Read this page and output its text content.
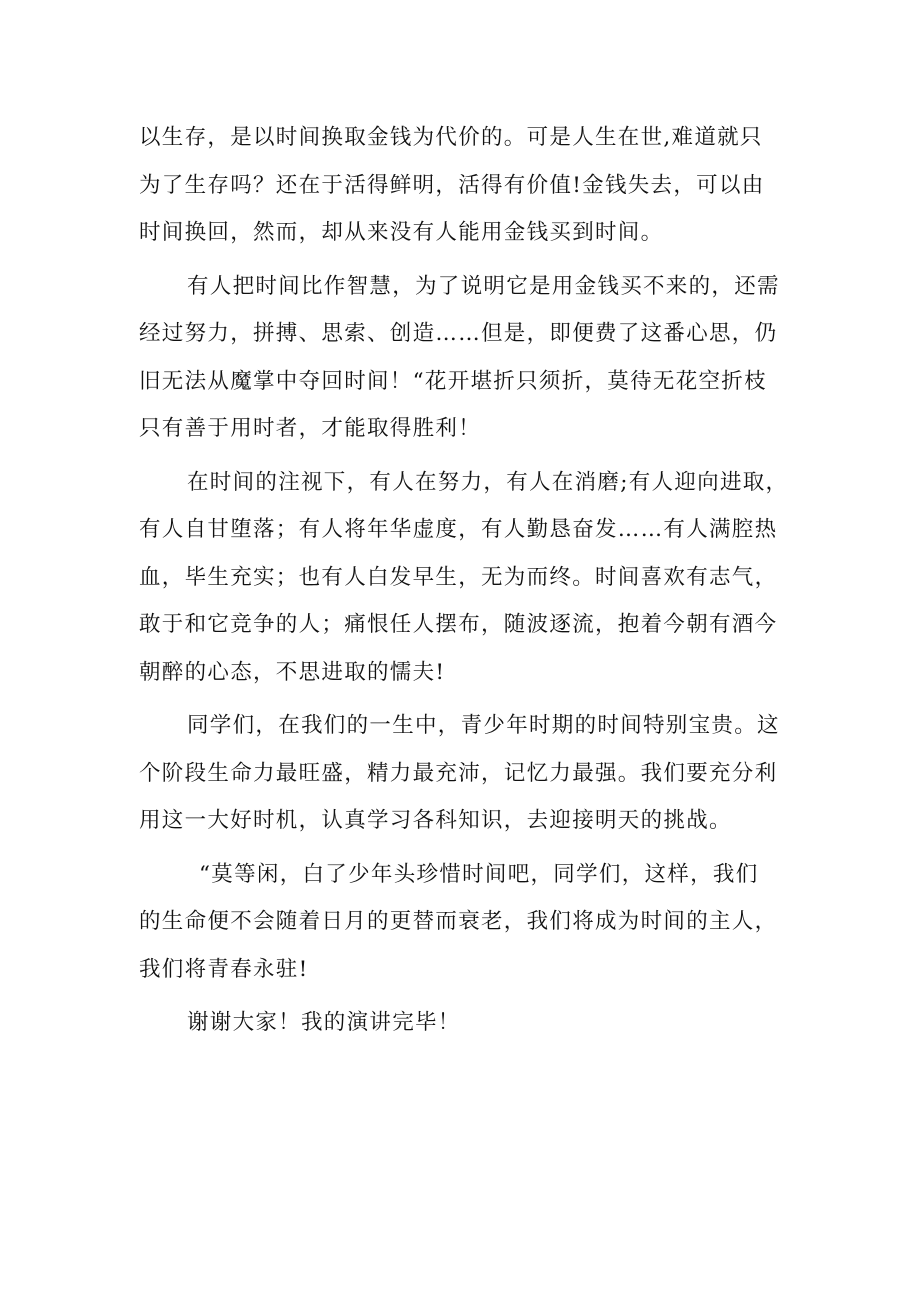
以生存，是以时间换取金钱为代价的。可是人生在世,难道就只
为了生存吗？还在于活得鲜明，活得有价值!金钱失去，可以由
时间换回，然而，却从来没有人能用金钱买到时间。
有人把时间比作智慧，为了说明它是用金钱买不来的，还需
经过努力，拼搏、思索、创造……但是，即便费了这番心思，仍
旧无法从魔掌中夺回时间！“花开堪折只须折，莫待无花空折枝
只有善于用时者，才能取得胜利！
在时间的注视下，有人在努力，有人在消磨;有人迎向进取，
有人自甘堕落；有人将年华虚度，有人勤恳奋发……有人满腔热
血，毕生充实；也有人白发早生，无为而终。时间喜欢有志气，
敢于和它竞争的人；痛恨任人摆布，随波逐流，抱着今朝有酒今
朝醉的心态，不思进取的懦夫!
同学们，在我们的一生中，青少年时期的时间特别宝贵。这
个阶段生命力最旺盛，精力最充沛，记忆力最强。我们要充分利
用这一大好时机，认真学习各科知识，去迎接明天的挑战。
“莫等闲，白了少年头珍惜时间吧，同学们，这样，我们
的生命便不会随着日月的更替而衰老，我们将成为时间的主人，
我们将青春永驻!
谢谢大家！我的演讲完毕！
